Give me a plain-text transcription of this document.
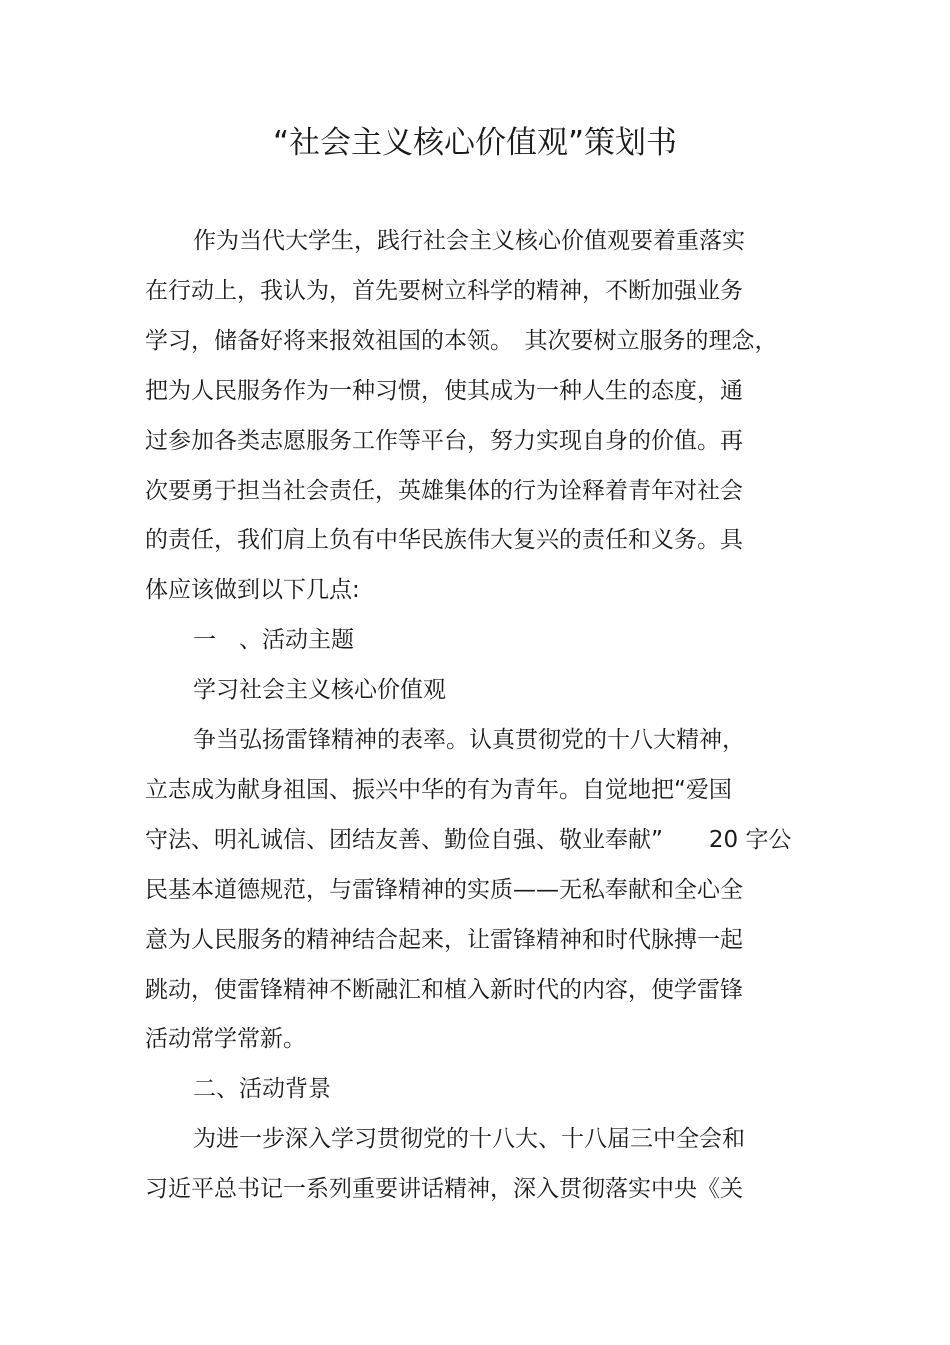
“社会主义核心价值观”策划书
作为当代大学生，践行社会主义核心价值观要着重落实
在行动上，我认为，首先要树立科学的精神，不断加强业务
学习，储备好将来报效祖国的本领。　其次要树立服务的理念，
把为人民服务作为一种习惯，使其成为一种人生的态度，通
过参加各类志愿服务工作等平台，努力实现自身的价值。再
次要勇于担当社会责任，英雄集体的行为诠释着青年对社会
的责任，我们肩上负有中华民族伟大复兴的责任和义务。具
体应该做到以下几点:
一　、活动主题
学习社会主义核心价值观
争当弘扬雷锋精神的表率。认真贯彻党的十八大精神，
立志成为献身祖国、振兴中华的有为青年。自觉地把“爱国
守法、明礼诚信、团结友善、勤俭自强、敬业奉献”　　20 字公
民基本道德规范，与雷锋精神的实质——无私奉献和全心全
意为人民服务的精神结合起来，让雷锋精神和时代脉搏一起
跳动，使雷锋精神不断融汇和植入新时代的内容，使学雷锋
活动常学常新。
二、活动背景
为进一步深入学习贯彻党的十八大、十八届三中全会和
习近平总书记一系列重要讲话精神，深入贯彻落实中央《关
